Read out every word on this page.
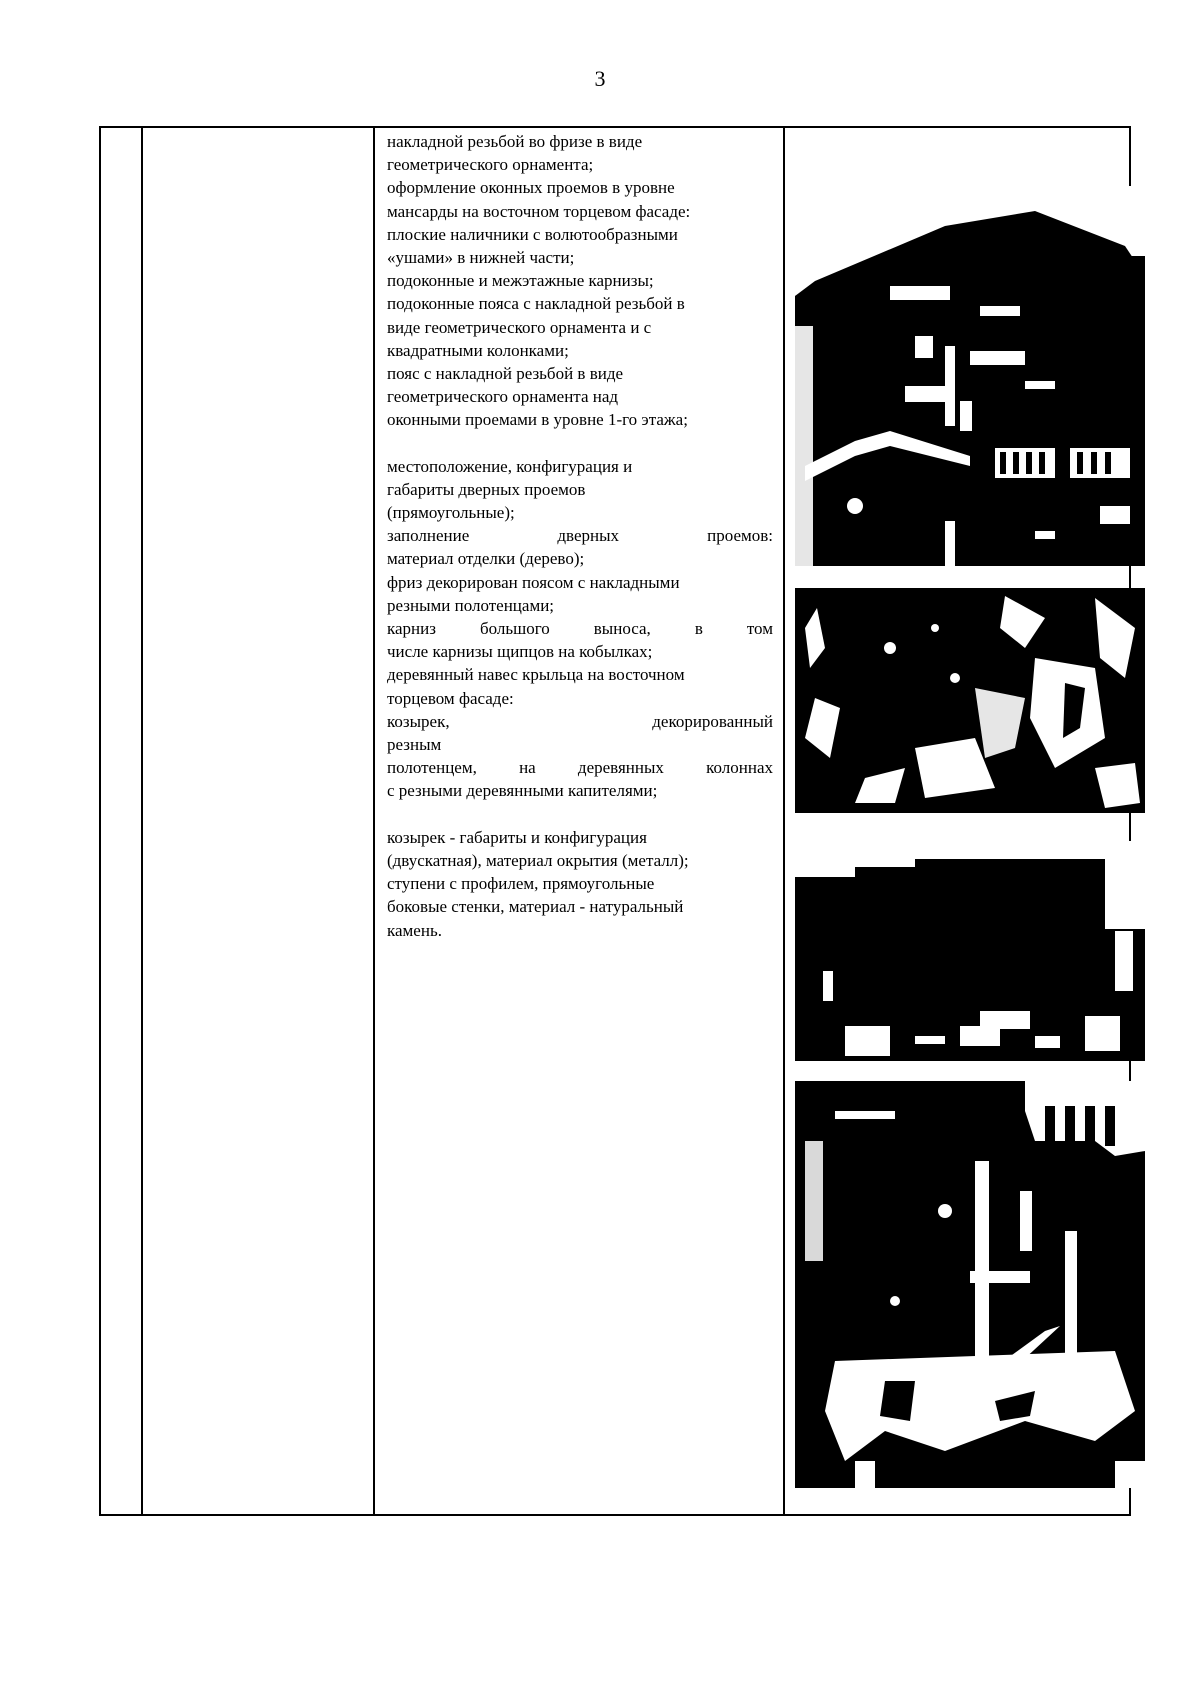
3

накладной резьбой во фризе в виде
геометрического орнамента;
оформление оконных проемов в уровне
мансарды на восточном торцевом фасаде:
плоские наличники с волютообразными
«ушами» в нижней части;
подоконные и межэтажные карнизы;
подоконные пояса с накладной резьбой в
виде геометрического орнамента и с
квадратными колонками;
пояс с накладной резьбой в виде
геометрического орнамента над
оконными проемами в уровне 1-го этажа;
местоположение, конфигурация и
габариты дверных проемов
(прямоугольные);
заполнение дверных проемов:
материал отделки (дерево);
фриз декорирован поясом с накладными
резными полотенцами;
карниз большого выноса, в том
числе карнизы щипцов на кобылках;
деревянный навес крыльца на восточном
торцевом фасаде:
козырек, декорированный
резным
полотенцем, на деревянных колоннах
с резными деревянными капителями;
козырек - габариты и конфигурация
(двускатная), материал окрытия (металл);
ступени с профилем, прямоугольные
боковые стенки, материал - натуральный
камень.
